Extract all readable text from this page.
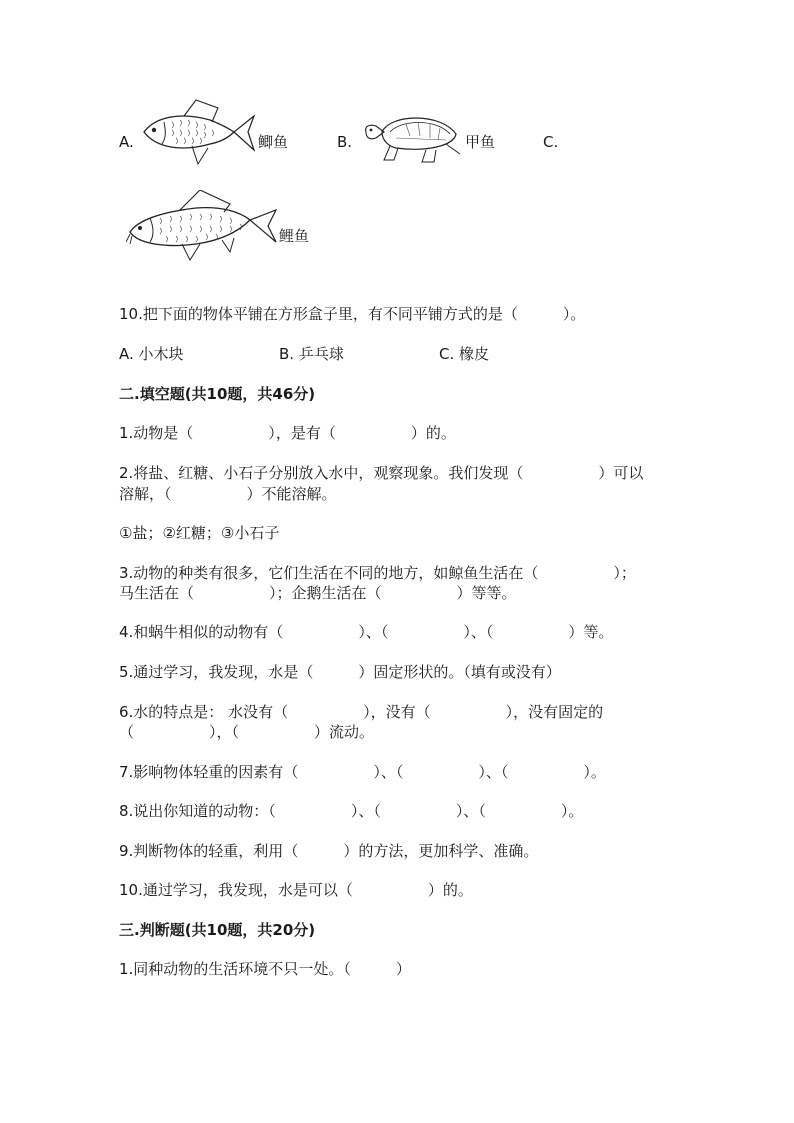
A.	鲫鱼	B.	甲鱼	C.
鲤鱼
10.把下面的物体平铺在方形盒子里，有不同平铺方式的是（　　　）。
A. 小木块	B. 乒乓球	C. 橡皮
二.填空题(共10题，共46分)
1.动物是（　　　　　），是有（　　　　　）的。
2.将盐、红糖、小石子分别放入水中，观察现象。我们发现（　　　　　）可以
溶解，（　　　　　）不能溶解。
①盐；②红糖；③小石子
3.动物的种类有很多，它们生活在不同的地方，如鲸鱼生活在（　　　　　）；
马生活在（　　　　　）；企鹅生活在（　　　　　）等等。
4.和蜗牛相似的动物有（　　　　　）、（　　　　　）、（　　　　　）等。
5.通过学习，我发现，水是（　　　）固定形状的。（填有或没有）
6.水的特点是： 水没有（　　　　　），没有（　　　　　），没有固定的
（　　　　　），（　　　　　）流动。
7.影响物体轻重的因素有（　　　　　）、（　　　　　）、（　　　　　）。
8.说出你知道的动物：（　　　　　）、（　　　　　）、（　　　　　）。
9.判断物体的轻重，利用（　　　）的方法，更加科学、准确。
10.通过学习，我发现，水是可以（　　　　　）的。
三.判断题(共10题，共20分)
1.同种动物的生活环境不只一处。（　　　）
